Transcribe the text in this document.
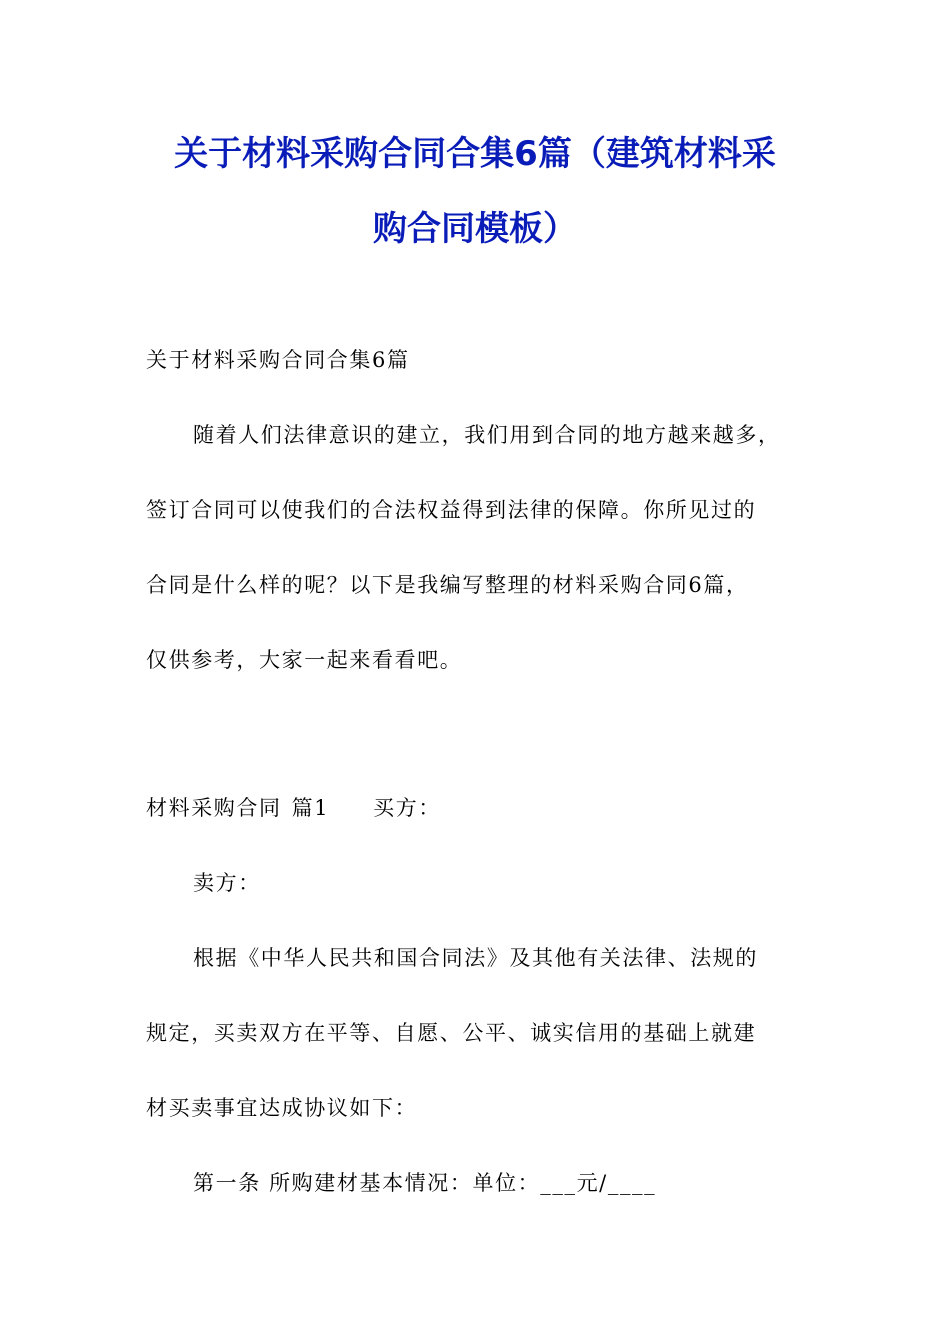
关于材料采购合同合集6篇（建筑材料采
购合同模板）
关于材料采购合同合集6篇
随着人们法律意识的建立，我们用到合同的地方越来越多，
签订合同可以使我们的合法权益得到法律的保障。你所见过的
合同是什么样的呢？以下是我编写整理的材料采购合同6篇，
仅供参考，大家一起来看看吧。
材料采购合同 篇1 买方：
卖方：
根据《中华人民共和国合同法》及其他有关法律、法规的
规定，买卖双方在平等、自愿、公平、诚实信用的基础上就建
材买卖事宜达成协议如下：
第一条 所购建材基本情况：单位：___元/____
